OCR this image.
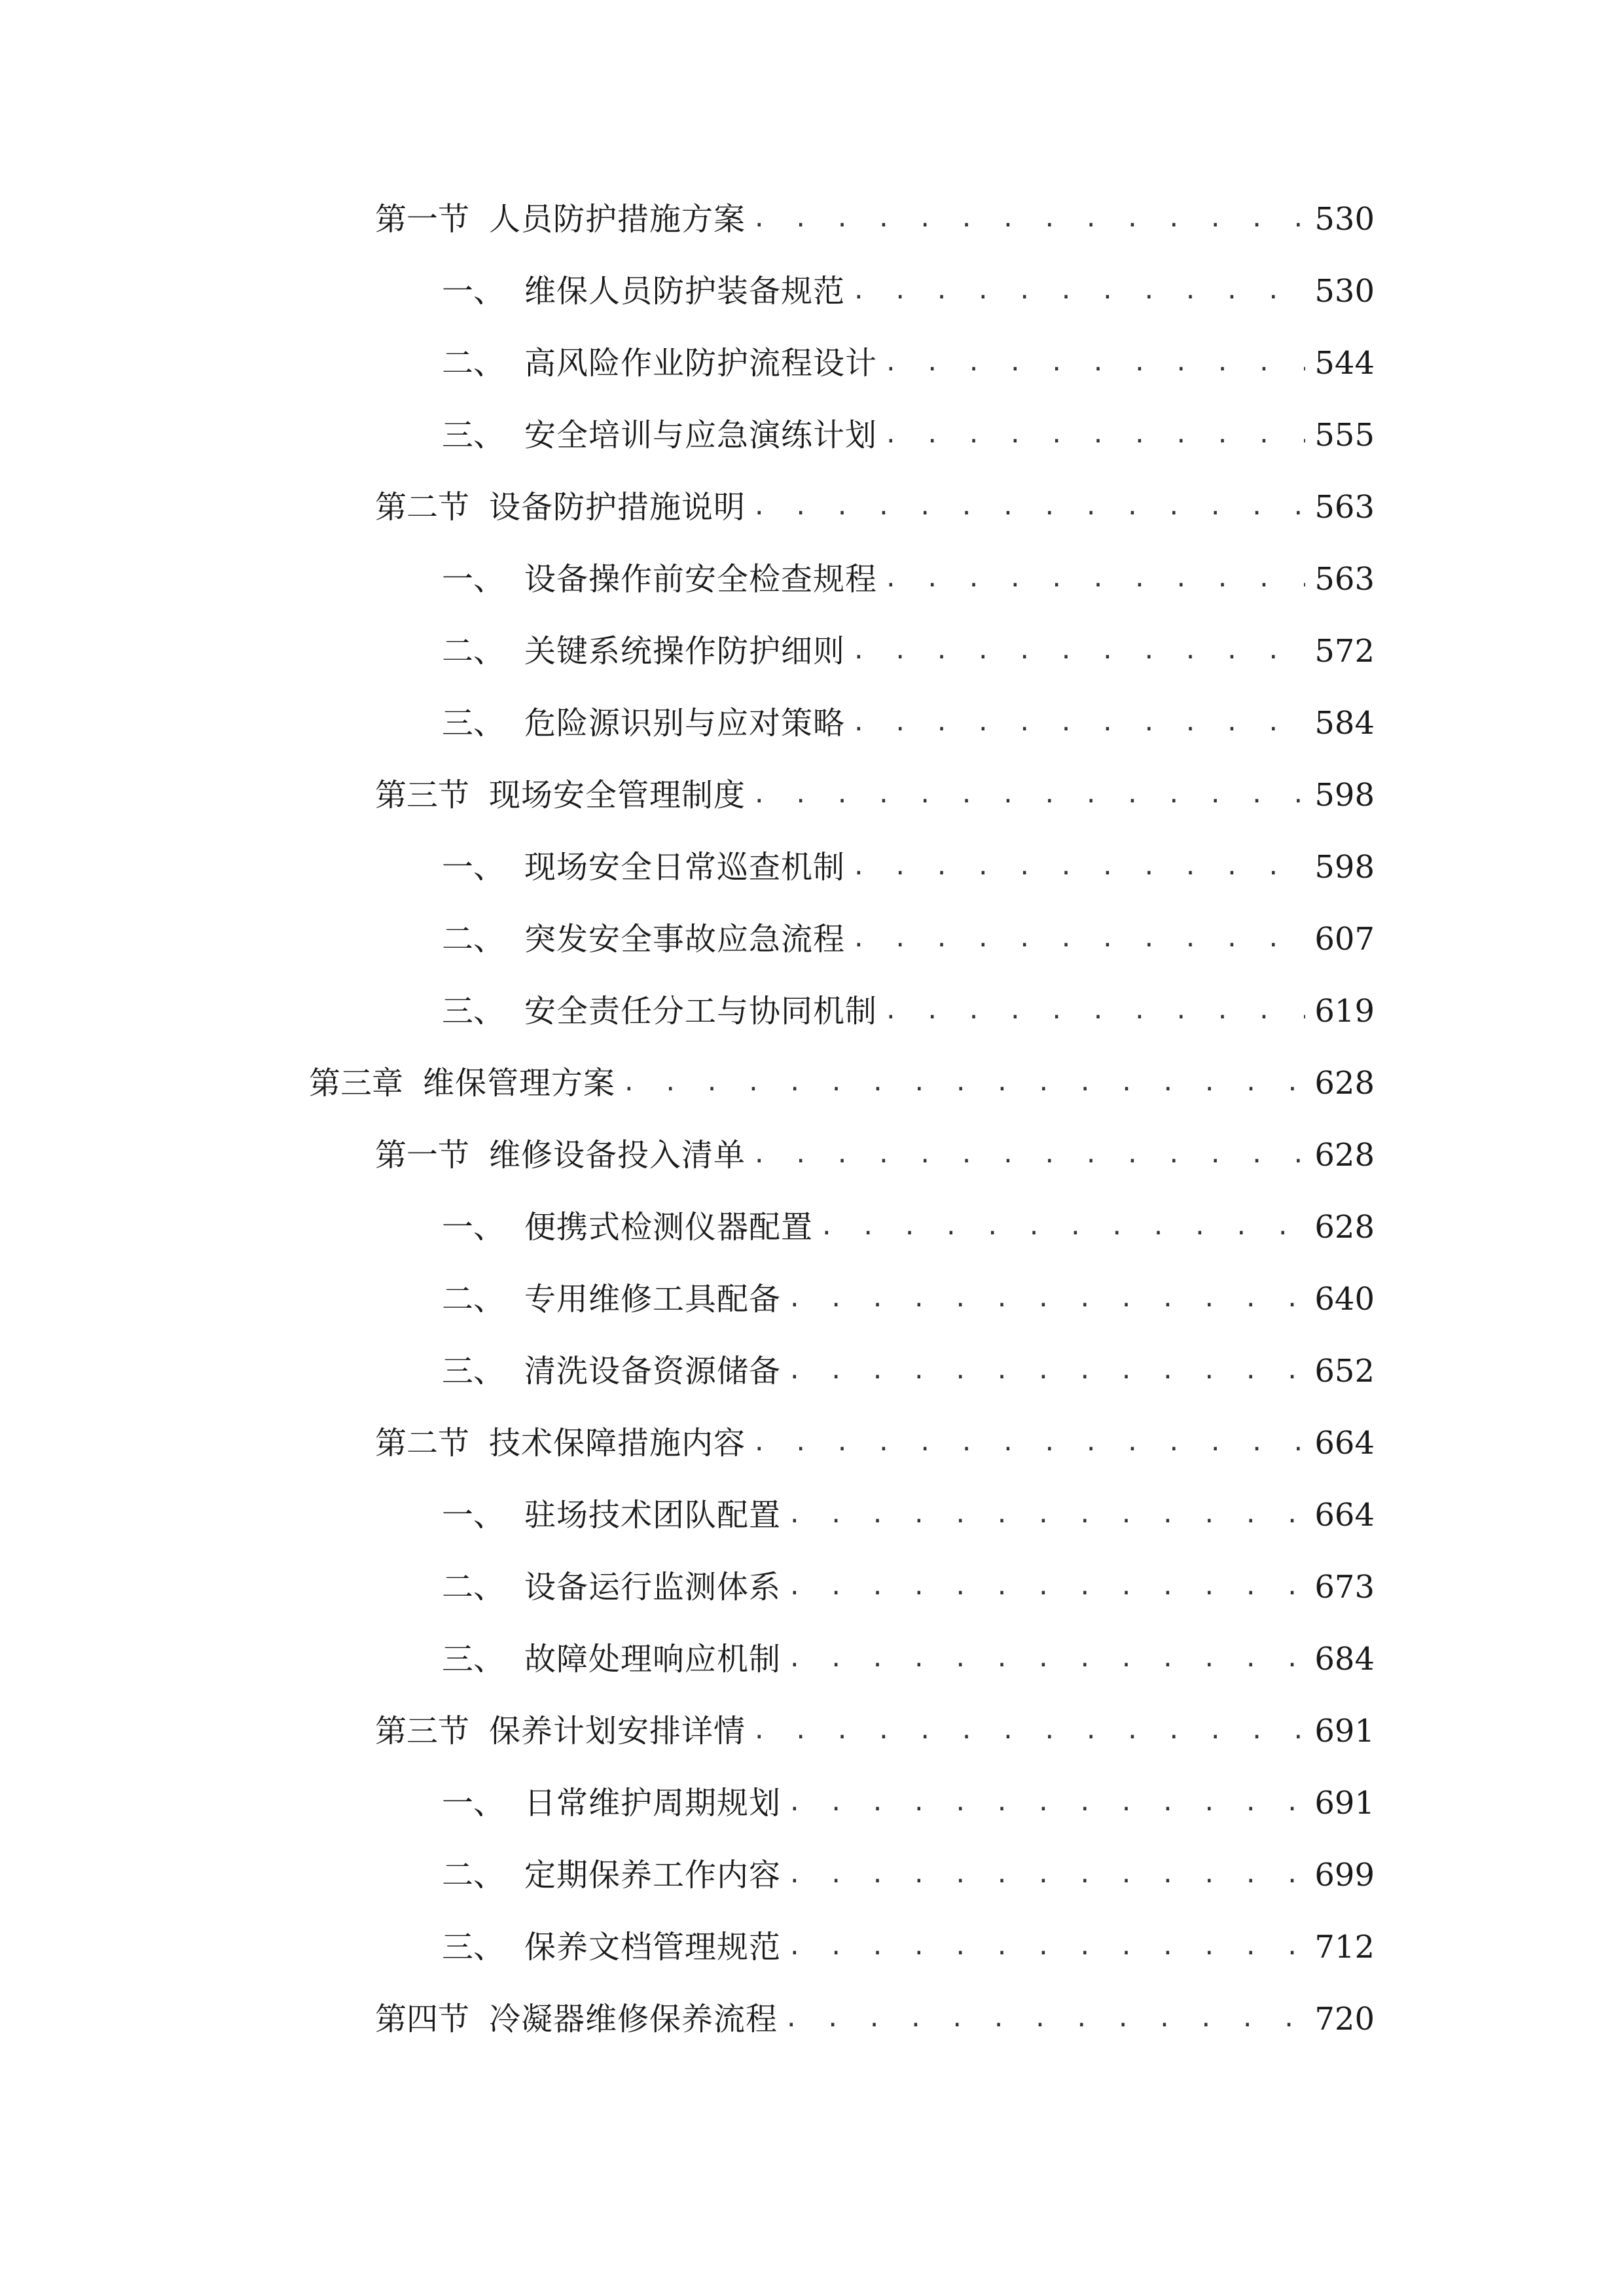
第一节 人员防护措施方案 . . .	530
一、 维保人员防护装备规范 . . .	530
二、 高风险作业防护流程设计 . . .	544
三、 安全培训与应急演练计划 . . .	555
第二节 设备防护措施说明 . . .	563
一、 设备操作前安全检查规程 . . .	563
二、 关键系统操作防护细则 . . .	572
三、 危险源识别与应对策略 . . .	584
第三节 现场安全管理制度 . . .	598
一、 现场安全日常巡查机制 . . .	598
二、 突发安全事故应急流程 . . .	607
三、 安全责任分工与协同机制 . . .	619
第三章 维保管理方案 . . .	628
第一节 维修设备投入清单 . . .	628
一、 便携式检测仪器配置 . . .	628
二、 专用维修工具配备 . . .	640
三、 清洗设备资源储备 . . .	652
第二节 技术保障措施内容 . . .	664
一、 驻场技术团队配置 . . .	664
二、 设备运行监测体系 . . .	673
三、 故障处理响应机制 . . .	684
第三节 保养计划安排详情 . . .	691
一、 日常维护周期规划 . . .	691
二、 定期保养工作内容 . . .	699
三、 保养文档管理规范 . . .	712
第四节 冷凝器维修保养流程 . . .	720
